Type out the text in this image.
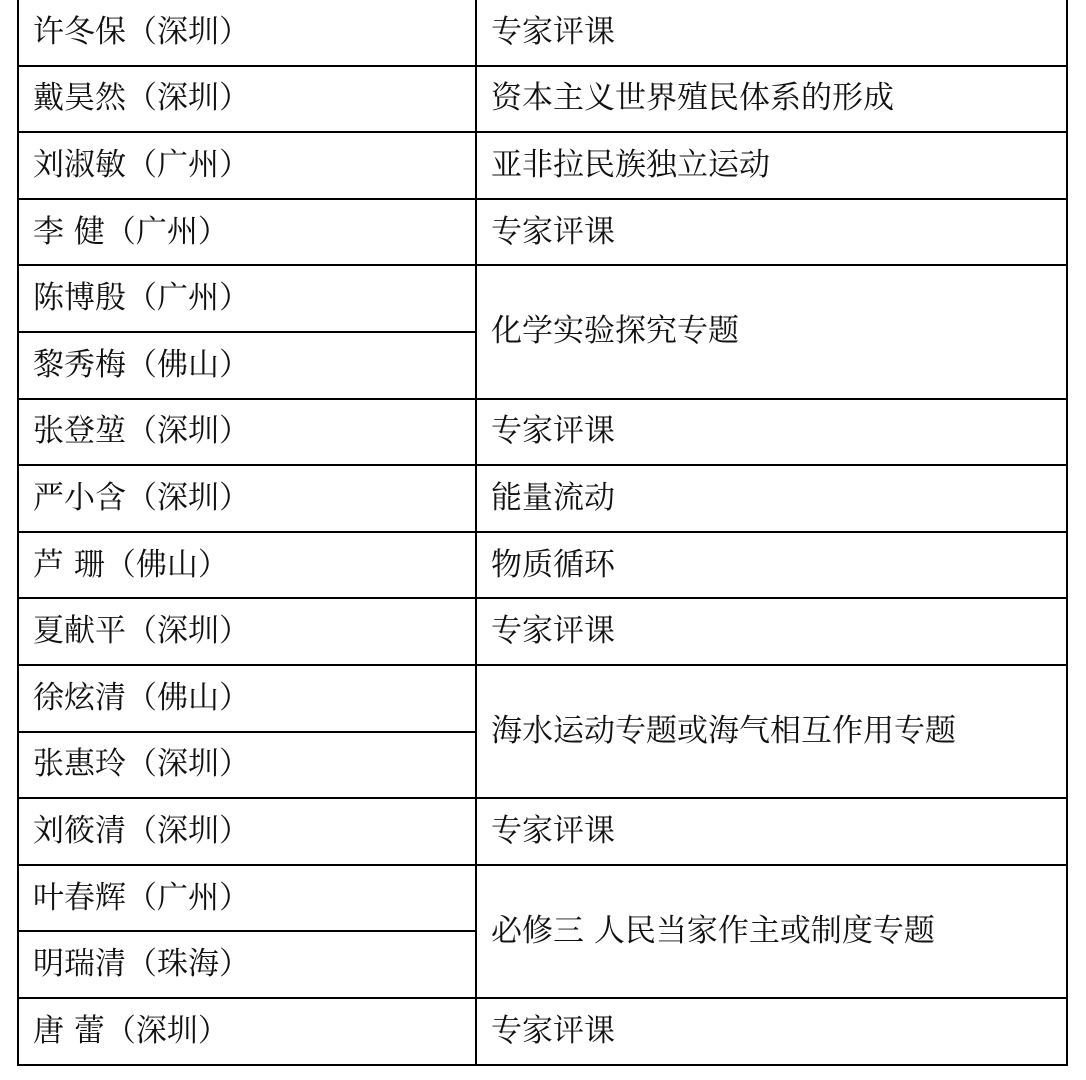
许冬保（深圳）	专家评课
戴昊然（深圳）	资本主义世界殖民体系的形成
刘淑敏（广州）	亚非拉民族独立运动
李 健（广州）	专家评课
陈博殷（广州）	化学实验探究专题
黎秀梅（佛山）	
张登堃（深圳）	专家评课
严小含（深圳）	能量流动
芦 珊（佛山）	物质循环
夏献平（深圳）	专家评课
徐炫清（佛山）	海水运动专题或海气相互作用专题
张惠玲（深圳）	
刘筱清（深圳）	专家评课
叶春辉（广州）	必修三 人民当家作主或制度专题
明瑞清（珠海）	
唐 蕾（深圳）	专家评课
